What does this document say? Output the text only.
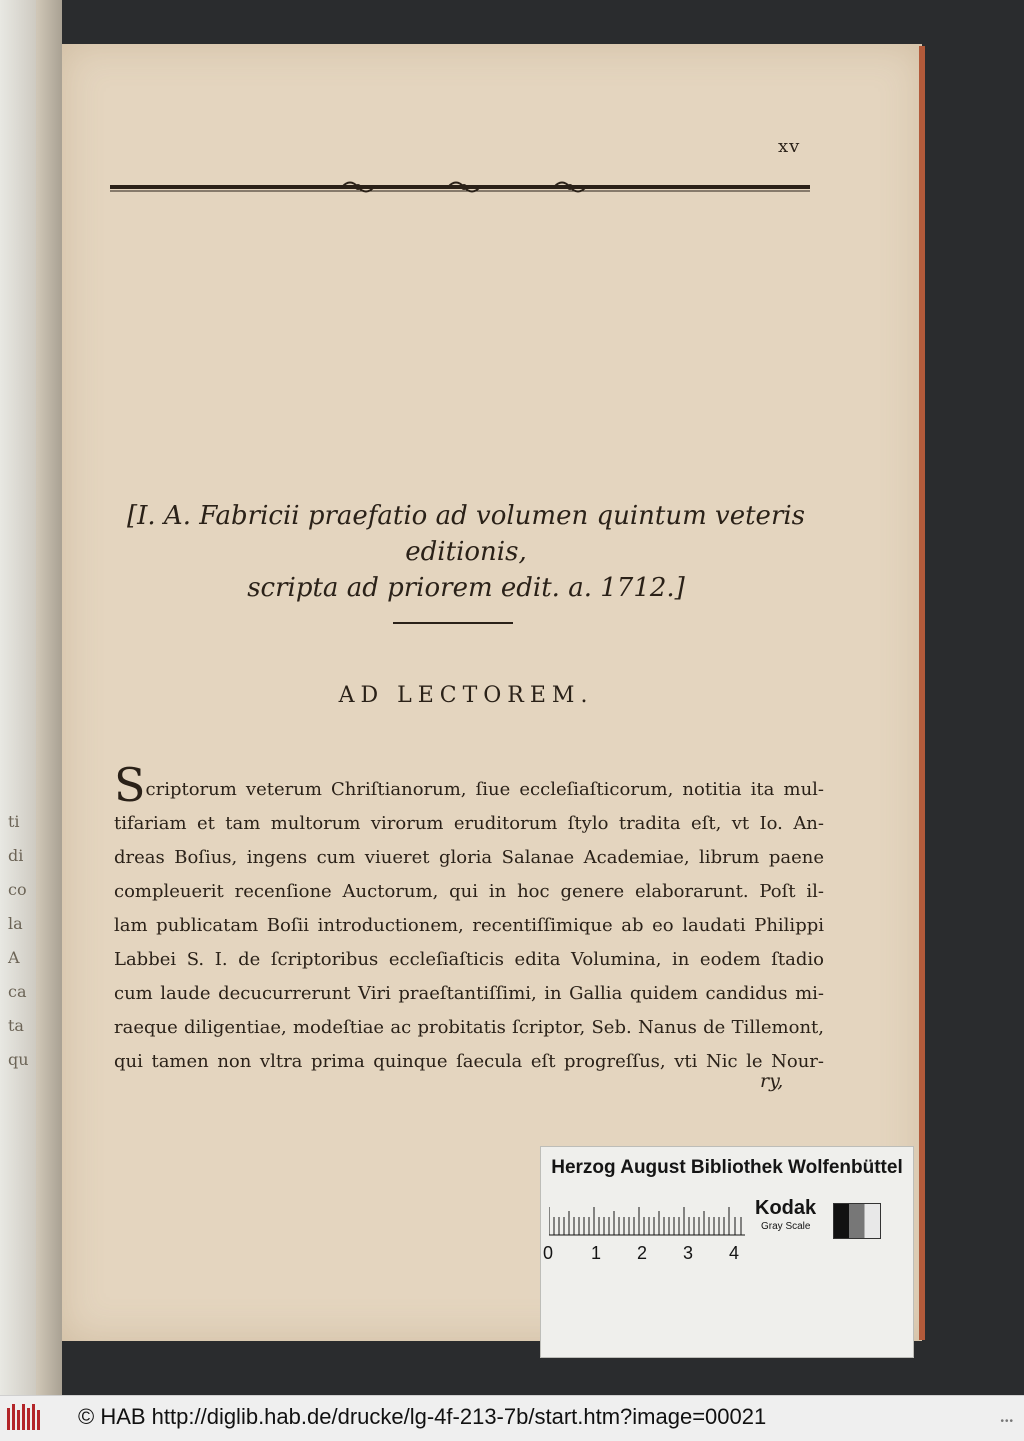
ti
di
co
la
A
ca
ta
qu
xv
[I. A. Fabricii praefatio ad volumen quintum veteris editionis,
scripta ad priorem edit. a. 1712.]
AD LECTOREM.
Scriptorum veterum Chriſtianorum, ſiue eccleſiaſticorum, notitia ita mul-
tifariam et tam multorum virorum eruditorum ſtylo tradita eſt, vt Io. An-
dreas Boſius, ingens cum viueret gloria Salanae Academiae, librum paene
compleuerit recenſione Auctorum, qui in hoc genere elaborarunt. Poſt il-
lam publicatam Boſii introductionem, recentiſſimique ab eo laudati Philippi
Labbei S. I. de ſcriptoribus eccleſiaſticis edita Volumina, in eodem ſtadio
cum laude decucurrerunt Viri praeſtantiſſimi, in Gallia quidem candidus mi-
raeque diligentiae, modeſtiae ac probitatis ſcriptor, Seb. Nanus de Tillemont,
qui tamen non vltra prima quinque ſaecula eſt progreſſus, vti Nic le Nour-
ry,
Herzog August Bibliothek Wolfenbüttel
0 1 2 3 4
Kodak
Gray Scale
© HAB http://diglib.hab.de/drucke/lg-4f-213-7b/start.htm?image=00021	•••
